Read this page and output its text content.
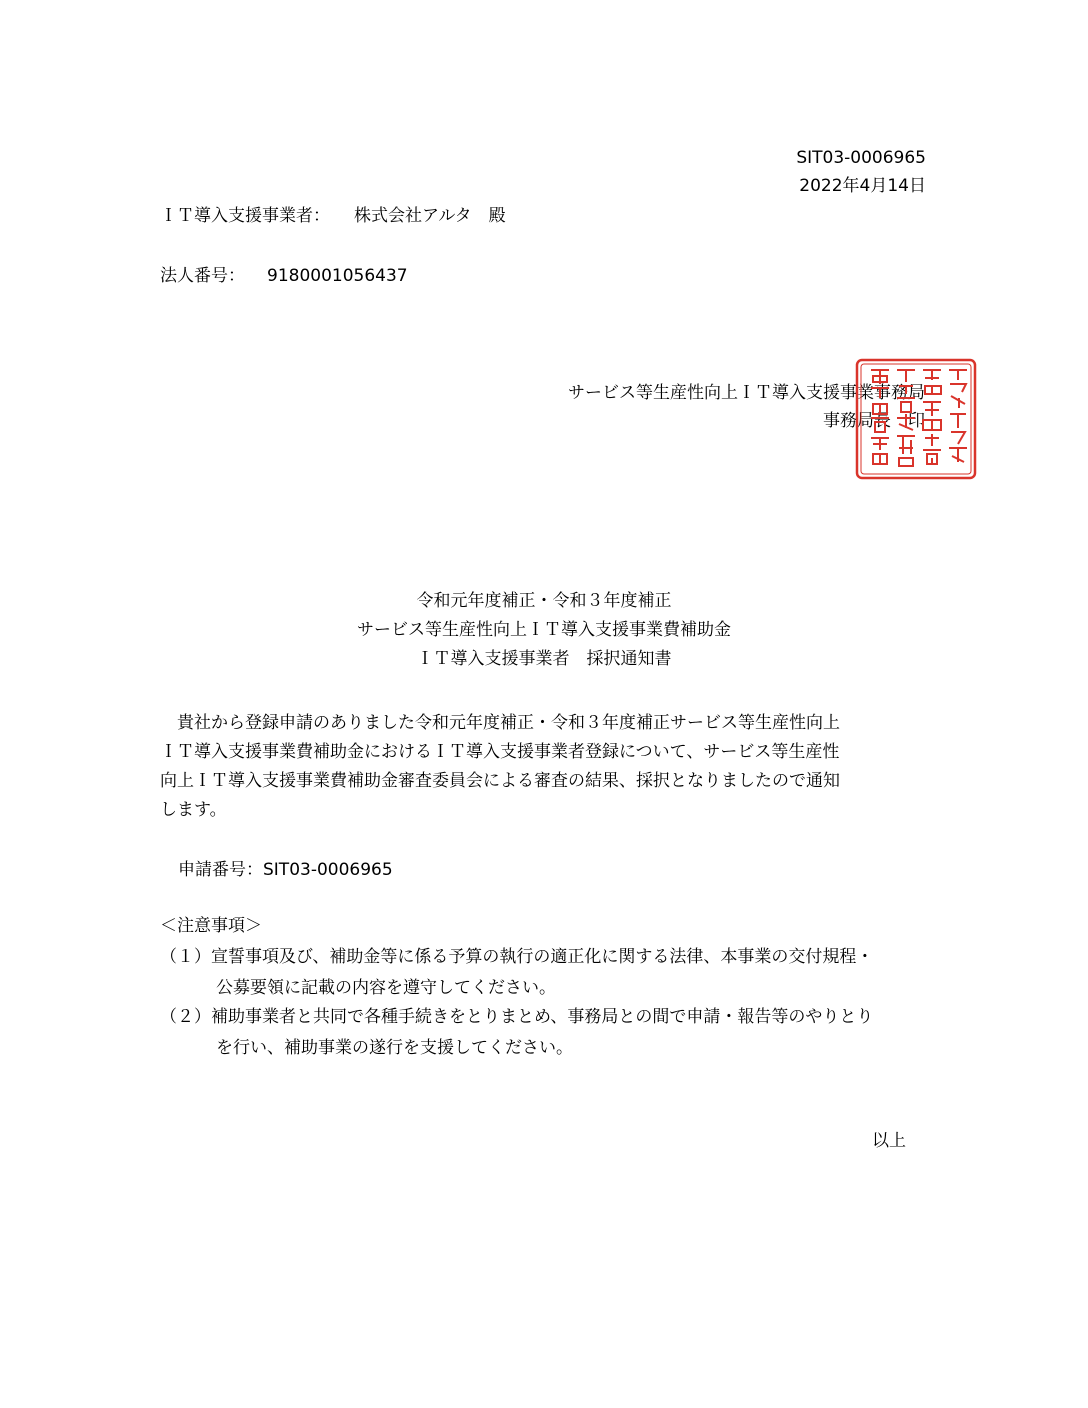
SIT03-0006965
2022年4月14日
ＩＴ導入支援事業者： 株式会社アルタ　殿
法人番号： 9180001056437
サービス等生産性向上ＩＴ導入支援事業事務局
事務局長　印
令和元年度補正・令和３年度補正
サービス等生産性向上ＩＴ導入支援事業費補助金
ＩＴ導入支援事業者　採択通知書
　貴社から登録申請のありました令和元年度補正・令和３年度補正サービス等生産性向上
ＩＴ導入支援事業費補助金におけるＩＴ導入支援事業者登録について、サービス等生産性
向上ＩＴ導入支援事業費補助金審査委員会による審査の結果、採択となりましたので通知
します。
申請番号：SIT03-0006965
＜注意事項＞
（１）宣誓事項及び、補助金等に係る予算の執行の適正化に関する法律、本事業の交付規程・
公募要領に記載の内容を遵守してください。
（２）補助事業者と共同で各種手続きをとりまとめ、事務局との間で申請・報告等のやりとり
を行い、補助事業の遂行を支援してください。
以上
